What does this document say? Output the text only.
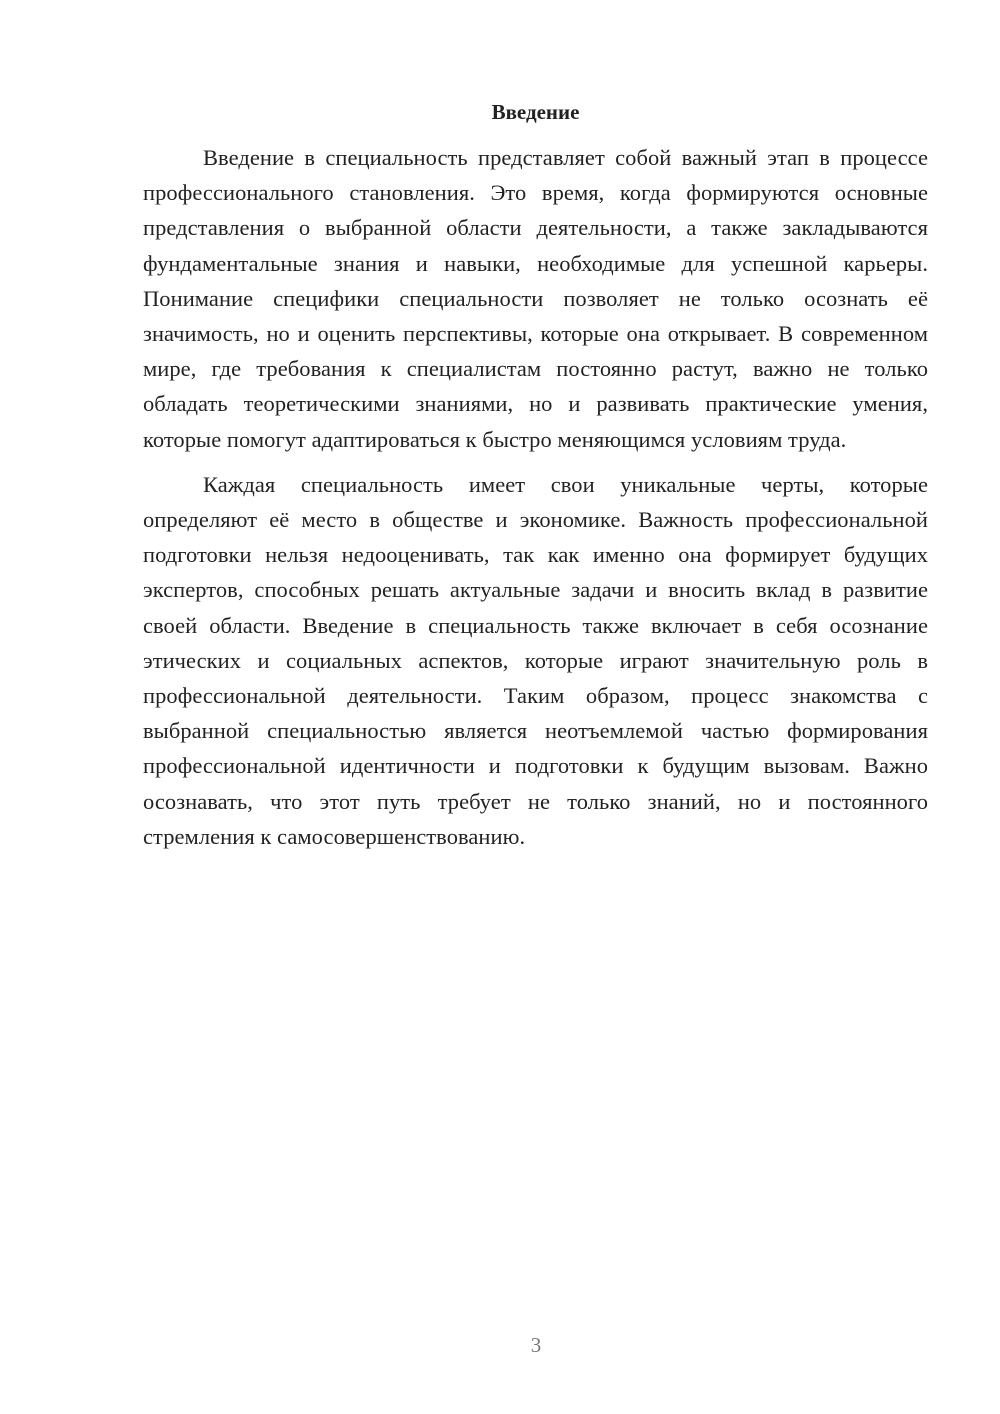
Введение

Введение в специальность представляет собой важный этап в процессе профессионального становления. Это время, когда формируются основные представления о выбранной области деятельности, а также закладываются фундаментальные знания и навыки, необходимые для успешной карьеры. Понимание специфики специальности позволяет не только осознать её значимость, но и оценить перспективы, которые она открывает. В современном мире, где требования к специалистам постоянно растут, важно не только обладать теоретическими знаниями, но и развивать практические умения, которые помогут адаптироваться к быстро меняющимся условиям труда.

Каждая специальность имеет свои уникальные черты, которые определяют её место в обществе и экономике. Важность профессиональной подготовки нельзя недооценивать, так как именно она формирует будущих экспертов, способных решать актуальные задачи и вносить вклад в развитие своей области. Введение в специальность также включает в себя осознание этических и социальных аспектов, которые играют значительную роль в профессиональной деятельности. Таким образом, процесс знакомства с выбранной специальностью является неотъемлемой частью формирования профессиональной идентичности и подготовки к будущим вызовам. Важно осознавать, что этот путь требует не только знаний, но и постоянного стремления к самосовершенствованию.

3
